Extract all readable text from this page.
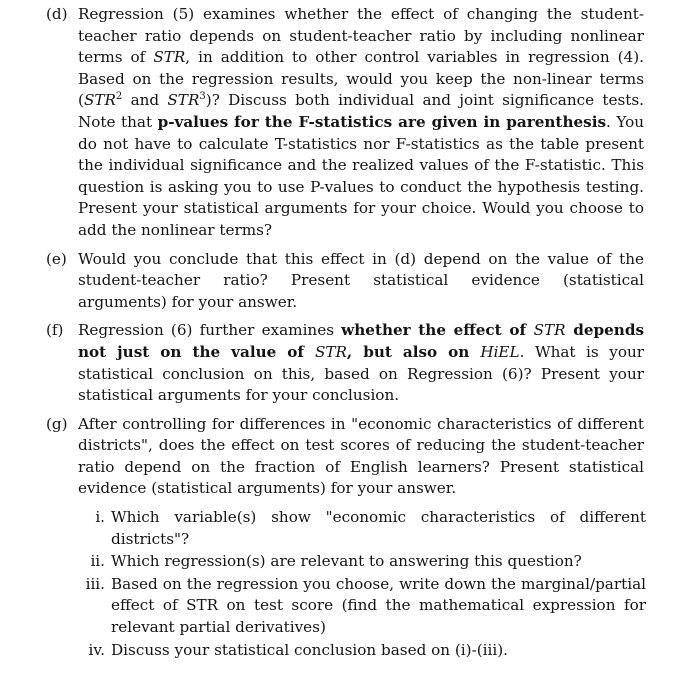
(d) Regression (5) examines whether the effect of changing the student-teacher ratio depends on student-teacher ratio by including nonlinear terms of STR, in addition to other control variables in regression (4). Based on the regression results, would you keep the non-linear terms (STR$^2$ and STR$^3$)? Discuss both individual and joint significance tests. Note that p-values for the F-statistics are given in parenthesis. You do not have to calculate T-statistics nor F-statistics as the table present the individual significance and the realized values of the F-statistic. This question is asking you to use P-values to conduct the hypothesis testing. Present your statistical arguments for your choice. Would you choose to add the nonlinear terms?
(e) Would you conclude that this effect in (d) depend on the value of the student-teacher ratio? Present statistical evidence (statistical arguments) for your answer.
(f) Regression (6) further examines whether the effect of STR depends not just on the value of STR, but also on HiEL. What is your statistical conclusion on this, based on Regression (6)? Present your statistical arguments for your conclusion.
(g) After controlling for differences in "economic characteristics of different districts", does the effect on test scores of reducing the student-teacher ratio depend on the fraction of English learners? Present statistical evidence (statistical arguments) for your answer.
i. Which variable(s) show "economic characteristics of different districts"?
ii. Which regression(s) are relevant to answering this question?
iii. Based on the regression you choose, write down the marginal/partial effect of STR on test score (find the mathematical expression for relevant partial derivatives)
iv. Discuss your statistical conclusion based on (i)-(iii).
